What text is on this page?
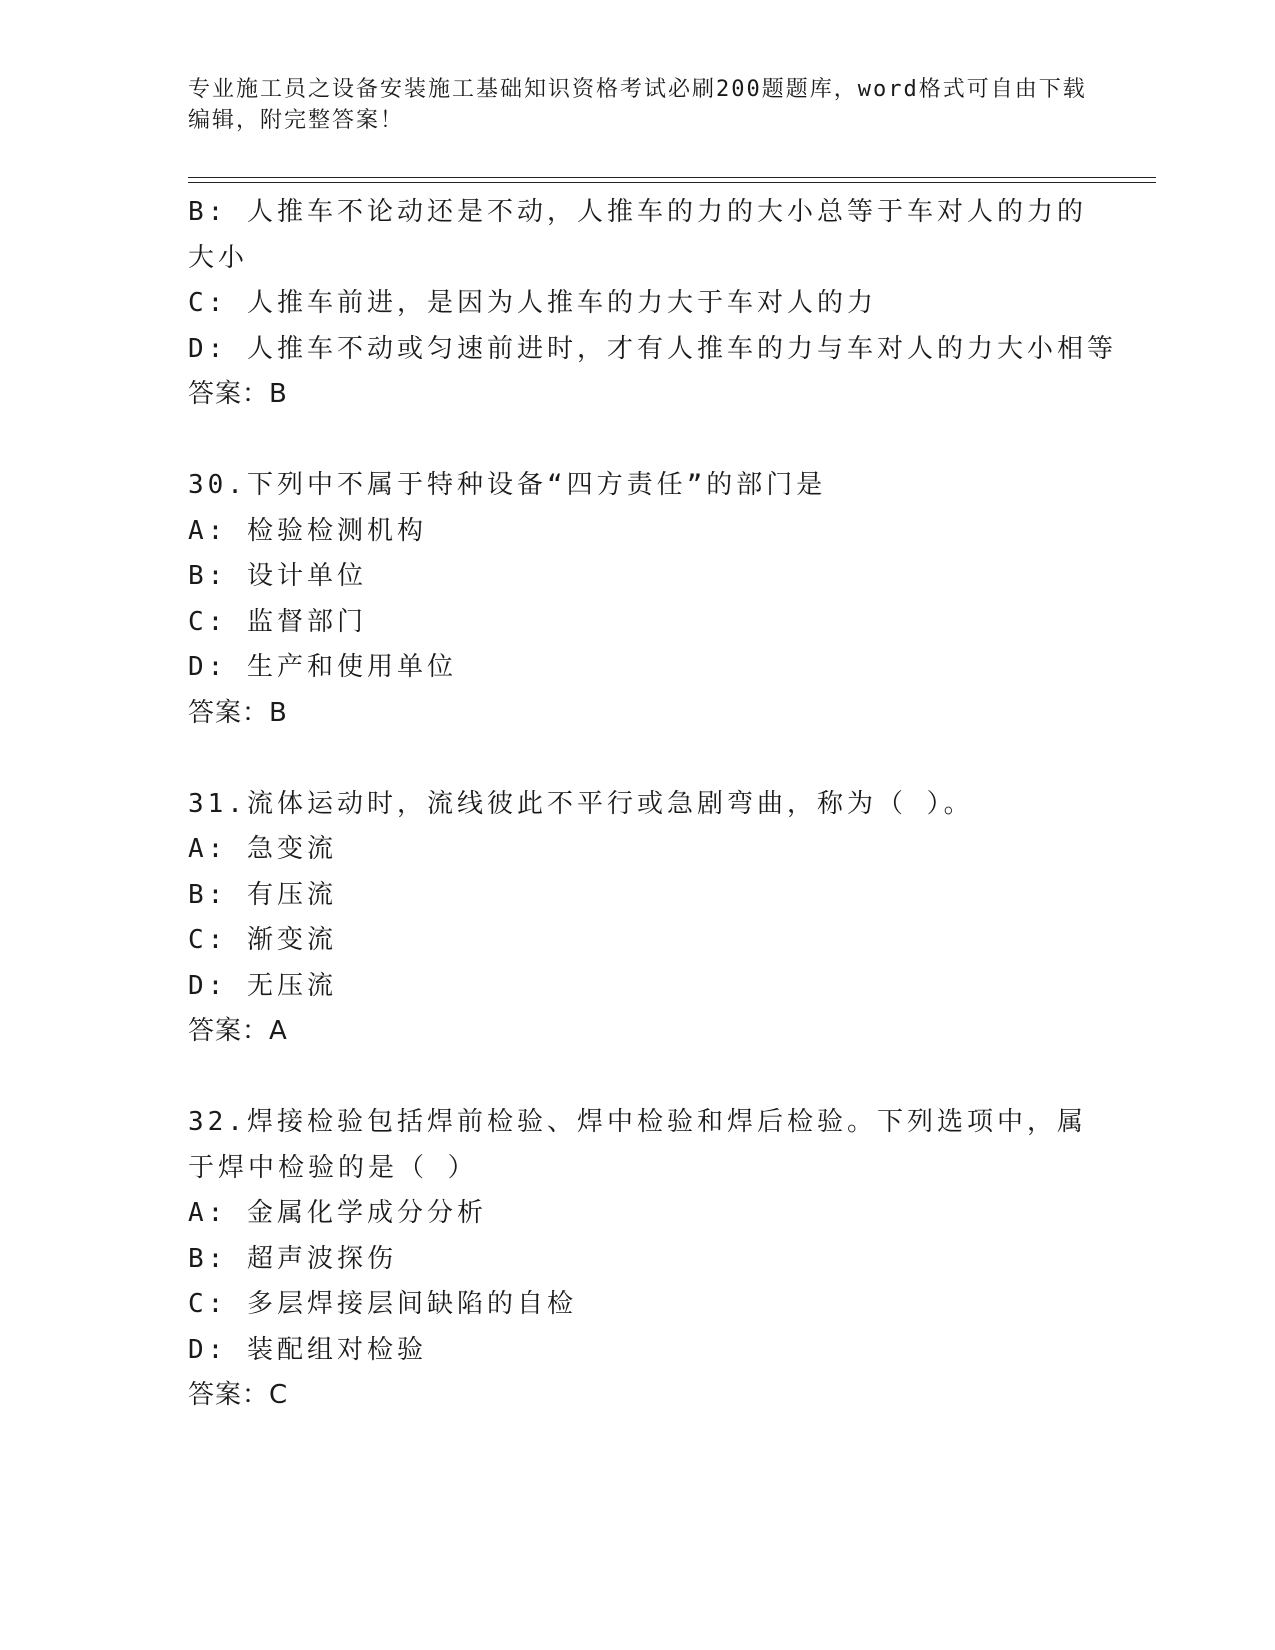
专业施工员之设备安装施工基础知识资格考试必刷200题题库，word格式可自由下载编辑，附完整答案！
B: 人推车不论动还是不动，人推车的力的大小总等于车对人的力的大小
C: 人推车前进，是因为人推车的力大于车对人的力
D: 人推车不动或匀速前进时，才有人推车的力与车对人的力大小相等
答案：B
30.下列中不属于特种设备“四方责任”的部门是
A: 检验检测机构
B: 设计单位
C: 监督部门
D: 生产和使用单位
答案：B
31.流体运动时，流线彼此不平行或急剧弯曲，称为（ ）。
A: 急变流
B: 有压流
C: 渐变流
D: 无压流
答案：A
32.焊接检验包括焊前检验、焊中检验和焊后检验。下列选项中，属于焊中检验的是（ ）
A: 金属化学成分分析
B: 超声波探伤
C: 多层焊接层间缺陷的自检
D: 装配组对检验
答案：C
